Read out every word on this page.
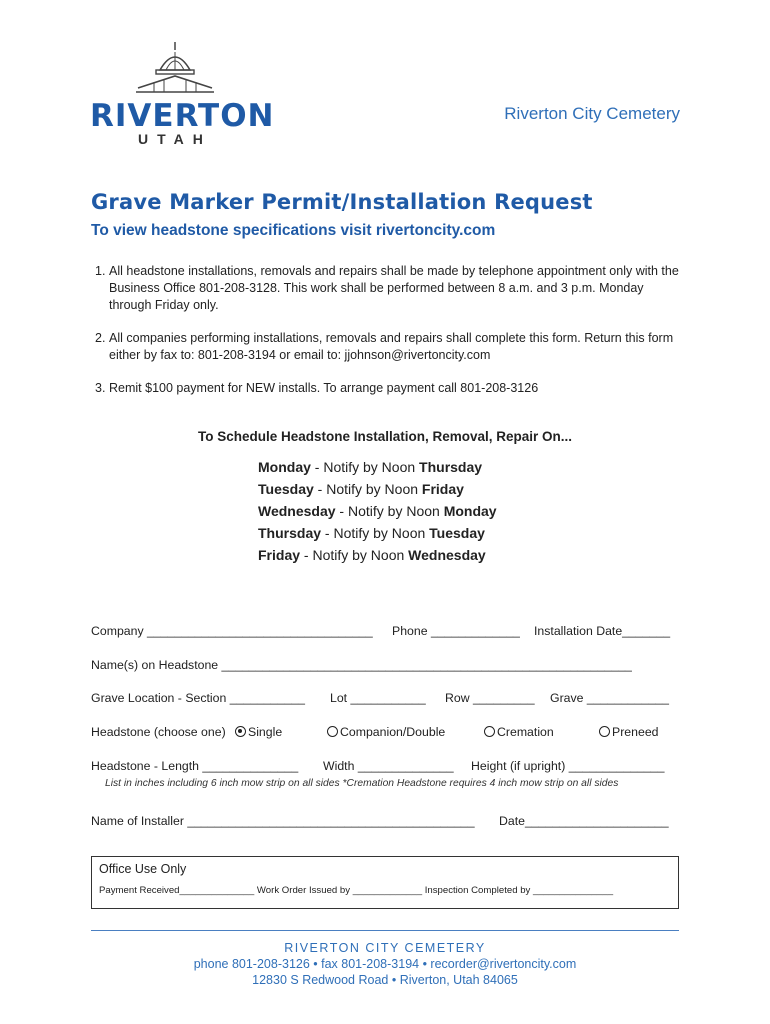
RIVERTON
UTAH
Riverton City Cemetery
Grave Marker Permit/Installation Request
To view headstone specifications visit rivertoncity.com
1. All headstone installations, removals and repairs shall be made by telephone appointment only with the Business Office 801-208-3128. This work shall be performed between 8 a.m. and 3 p.m. Monday through Friday only.
2. All companies performing installations, removals and repairs shall complete this form. Return this form either by fax to: 801-208-3194 or email to: jjohnson@rivertoncity.com
3. Remit $100 payment for NEW installs. To arrange payment call 801-208-3126
To Schedule Headstone Installation, Removal, Repair On...
Monday - Notify by Noon Thursday
Tuesday - Notify by Noon Friday
Wednesday - Notify by Noon Monday
Thursday - Notify by Noon Tuesday
Friday - Notify by Noon Wednesday
Company _________________________________ Phone _____________ Installation Date_______
Name(s) on Headstone ____________________________________________________________
Grave Location - Section ___________ Lot ___________ Row _________ Grave ____________
Headstone (choose one)	Single	Companion/Double	Cremation	Preneed
Headstone - Length ______________ Width ______________ Height (if upright) ______________
List in inches including 6 inch mow strip on all sides *Cremation Headstone requires 4 inch mow strip on all sides
Name of Installer __________________________________________ Date_____________________
Office Use Only
Payment Received______________ Work Order Issued by _____________ Inspection Completed by _______________
RIVERTON CITY CEMETERY
phone 801-208-3126 • fax 801-208-3194 • recorder@rivertoncity.com
12830 S Redwood Road • Riverton, Utah 84065
